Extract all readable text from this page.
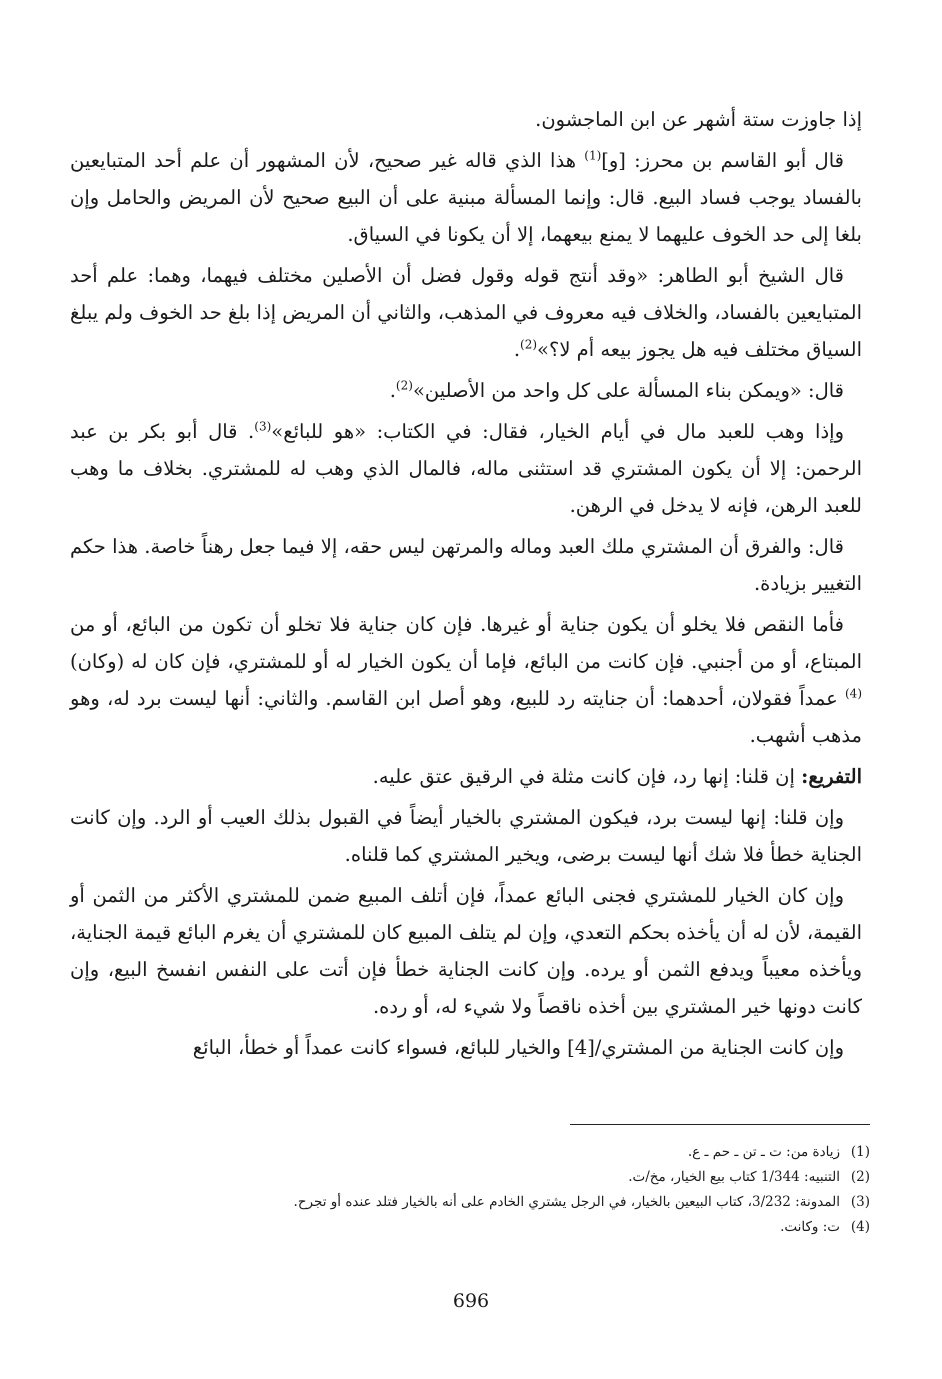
إذا جاوزت ستة أشهر عن ابن الماجشون.

قال أبو القاسم بن محرز: [و]$^{(1)}$ هذا الذي قاله غير صحيح، لأن المشهور أن علم أحد المتبايعين بالفساد يوجب فساد البيع. قال: وإنما المسألة مبنية على أن البيع صحيح لأن المريض والحامل وإن بلغا إلى حد الخوف عليهما لا يمنع بيعهما، إلا أن يكونا في السياق.

قال الشيخ أبو الطاهر: «وقد أنتج قوله وقول فضل أن الأصلين مختلف فيهما، وهما: علم أحد المتبايعين بالفساد، والخلاف فيه معروف في المذهب، والثاني أن المريض إذا بلغ حد الخوف ولم يبلغ السياق مختلف فيه هل يجوز بيعه أم لا؟»$^{(2)}$.

قال: «ويمكن بناء المسألة على كل واحد من الأصلين»$^{(2)}$.

وإذا وهب للعبد مال في أيام الخيار، فقال: في الكتاب: «هو للبائع»$^{(3)}$. قال أبو بكر بن عبد الرحمن: إلا أن يكون المشتري قد استثنى ماله، فالمال الذي وهب له للمشتري. بخلاف ما وهب للعبد الرهن، فإنه لا يدخل في الرهن.

قال: والفرق أن المشتري ملك العبد وماله والمرتهن ليس حقه، إلا فيما جعل رهناً خاصة. هذا حكم التغيير بزيادة.

فأما النقص فلا يخلو أن يكون جناية أو غيرها. فإن كان جناية فلا تخلو أن تكون من البائع، أو من المبتاع، أو من أجنبي. فإن كانت من البائع، فإما أن يكون الخيار له أو للمشتري، فإن كان له (وكان)$^{(4)}$ عمداً فقولان، أحدهما: أن جنايته رد للبيع، وهو أصل ابن القاسم. والثاني: أنها ليست برد له، وهو مذهب أشهب.

التفريع: إن قلنا: إنها رد، فإن كانت مثلة في الرقيق عتق عليه.

وإن قلنا: إنها ليست برد، فيكون المشتري بالخيار أيضاً في القبول بذلك العيب أو الرد. وإن كانت الجناية خطأ فلا شك أنها ليست برضى، ويخير المشتري كما قلناه.

وإن كان الخيار للمشتري فجنى البائع عمداً، فإن أتلف المبيع ضمن للمشتري الأكثر من الثمن أو القيمة، لأن له أن يأخذه بحكم التعدي، وإن لم يتلف المبيع كان للمشتري أن يغرم البائع قيمة الجناية، ويأخذه معيباً ويدفع الثمن أو يرده. وإن كانت الجناية خطأ فإن أتت على النفس انفسخ البيع، وإن كانت دونها خير المشتري بين أخذه ناقصاً ولا شيء له، أو رده.

وإن كانت الجناية من المشتري/[4] والخيار للبائع، فسواء كانت عمداً أو خطأ، البائع

(1)
زيادة من: ت ـ تن ـ حم ـ ع.
(2)
التنبيه: 1/344 كتاب بيع الخيار، مخ/ت.
(3)
المدونة: 3/232، كتاب البيعين بالخيار، في الرجل يشتري الخادم على أنه بالخيار فتلد عنده أو تجرح.
(4)
ت: وكانت.
696
